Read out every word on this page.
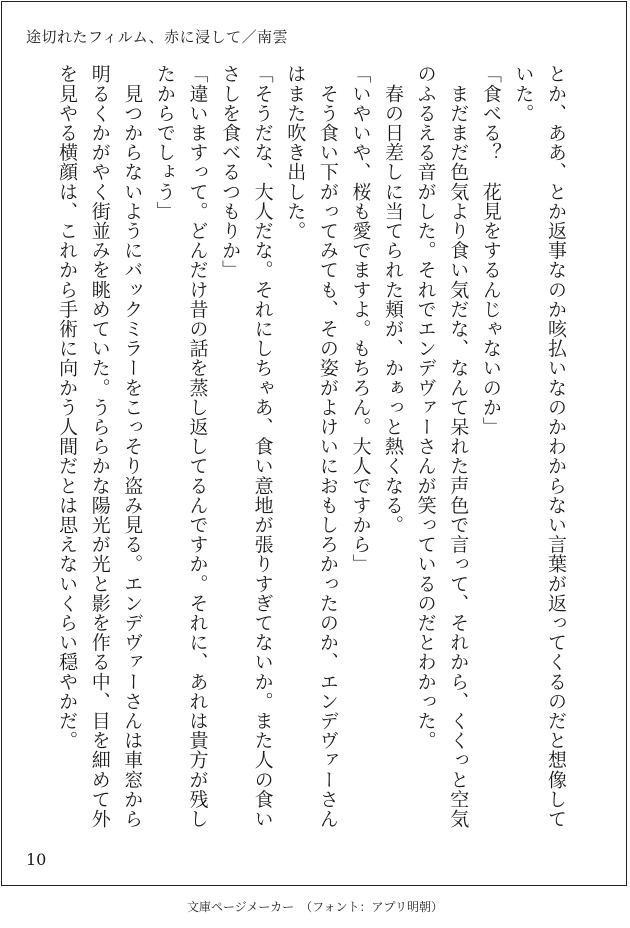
途切れたフィルム、赤に浸して／南雲

とか、ああ、とか返事なのか咳払いなのかわからない言葉が返ってくるのだと想像して

いた。

「食べる？　花見をするんじゃないのか」

　まだまだ色気より食い気だな、なんて呆れた声色で言って、それから、くくっと空気

のふるえる音がした。それでエンデヴァーさんが笑っているのだとわかった。

　春の日差しに当てられた頬が、かぁっと熱くなる。

「いやいや、桜も愛でますよ。もちろん。大人ですから」

　そう食い下がってみても、その姿がよけいにおもしろかったのか、エンデヴァーさん

はまた吹き出した。

「そうだな、大人だな。それにしちゃあ、食い意地が張りすぎてないか。また人の食い

さしを食べるつもりか」

「違いますって。どんだけ昔の話を蒸し返してるんですか。それに、あれは貴方が残し

たからでしょう」

　見つからないようにバックミラーをこっそり盗み見る。エンデヴァーさんは車窓から

明るくかがやく街並みを眺めていた。うららかな陽光が光と影を作る中、目を細めて外

を見やる横顔は、これから手術に向かう人間だとは思えないくらい穏やかだ。

10
文庫ページメーカー　（フォント：アプリ明朝）
